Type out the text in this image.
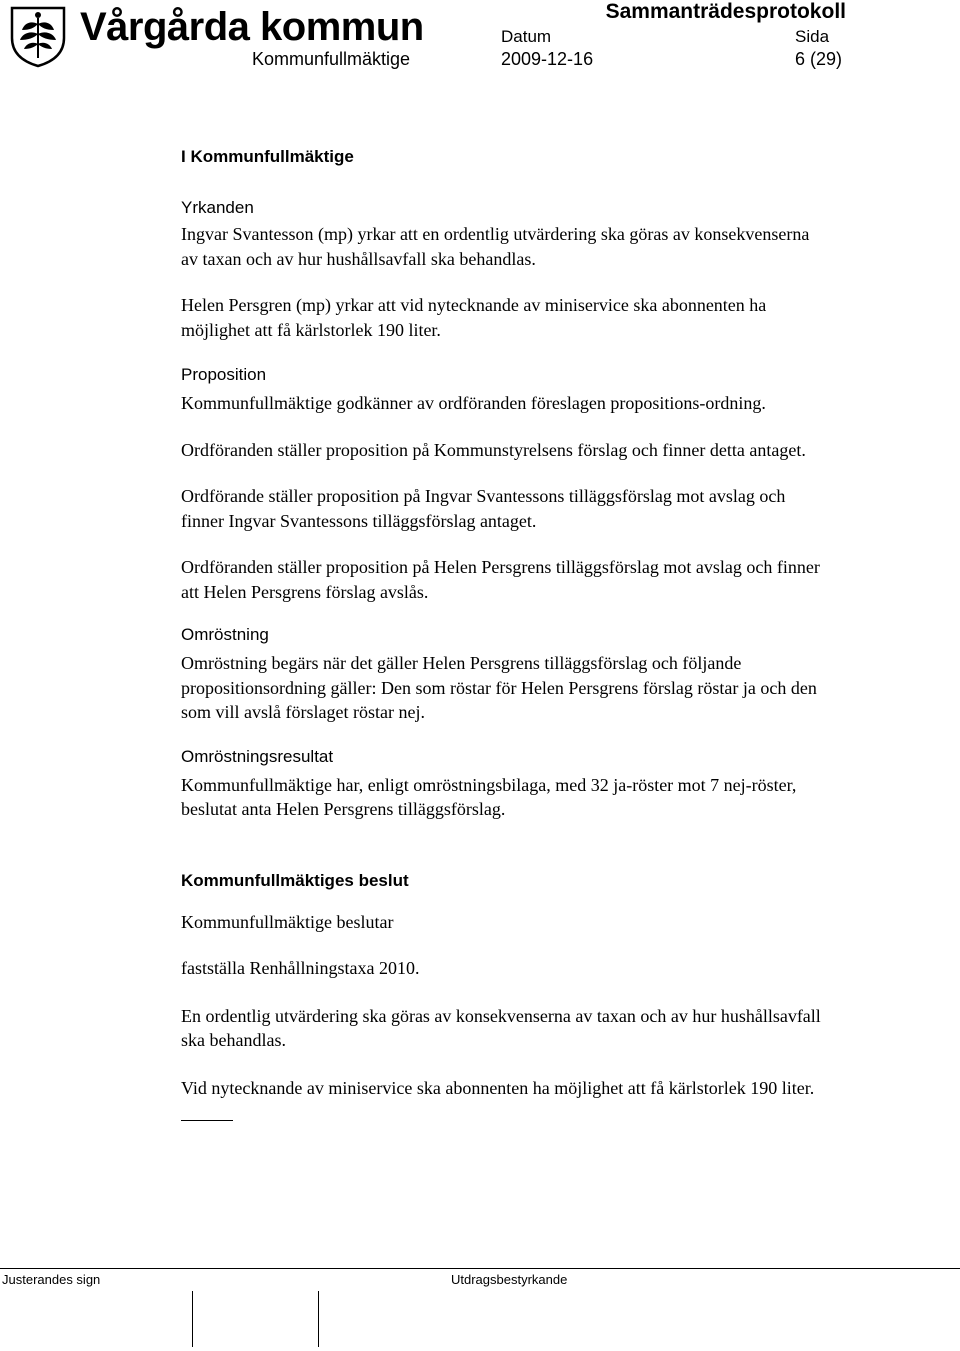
Vårgårda kommun	Sammanträdesprotokoll
Kommunfullmäktige
Datum
2009-12-16
Sida
6 (29)

I Kommunfullmäktige

Yrkanden

Ingvar Svantesson (mp) yrkar att en ordentlig utvärdering ska göras av konsekvenserna av taxan och av hur hushållsavfall ska behandlas.

Helen Persgren (mp) yrkar att vid nytecknande av miniservice ska abonnenten ha möjlighet att få kärlstorlek 190 liter.

Proposition

Kommunfullmäktige godkänner av ordföranden föreslagen propositions-ordning.

Ordföranden ställer proposition på Kommunstyrelsens förslag och finner detta antaget.

Ordförande ställer proposition på Ingvar Svantessons tilläggsförslag mot avslag och finner Ingvar Svantessons tilläggsförslag antaget.

Ordföranden ställer proposition på Helen Persgrens tilläggsförslag mot avslag och finner att Helen Persgrens förslag avslås.

Omröstning

Omröstning begärs när det gäller Helen Persgrens tilläggsförslag och följande propositionsordning gäller: Den som röstar för Helen Persgrens förslag röstar ja och den som vill avslå förslaget röstar nej.

Omröstningsresultat

Kommunfullmäktige har, enligt omröstningsbilaga, med 32 ja-röster mot 7 nej-röster, beslutat anta Helen Persgrens tilläggsförslag.

Kommunfullmäktiges beslut

Kommunfullmäktige beslutar

fastställa Renhållningstaxa 2010.

En ordentlig utvärdering ska göras av konsekvenserna av taxan och av hur hushållsavfall ska behandlas.

Vid nytecknande av miniservice ska abonnenten ha möjlighet att få kärlstorlek 190 liter.

Justerandes sign	Utdragsbestyrkande
